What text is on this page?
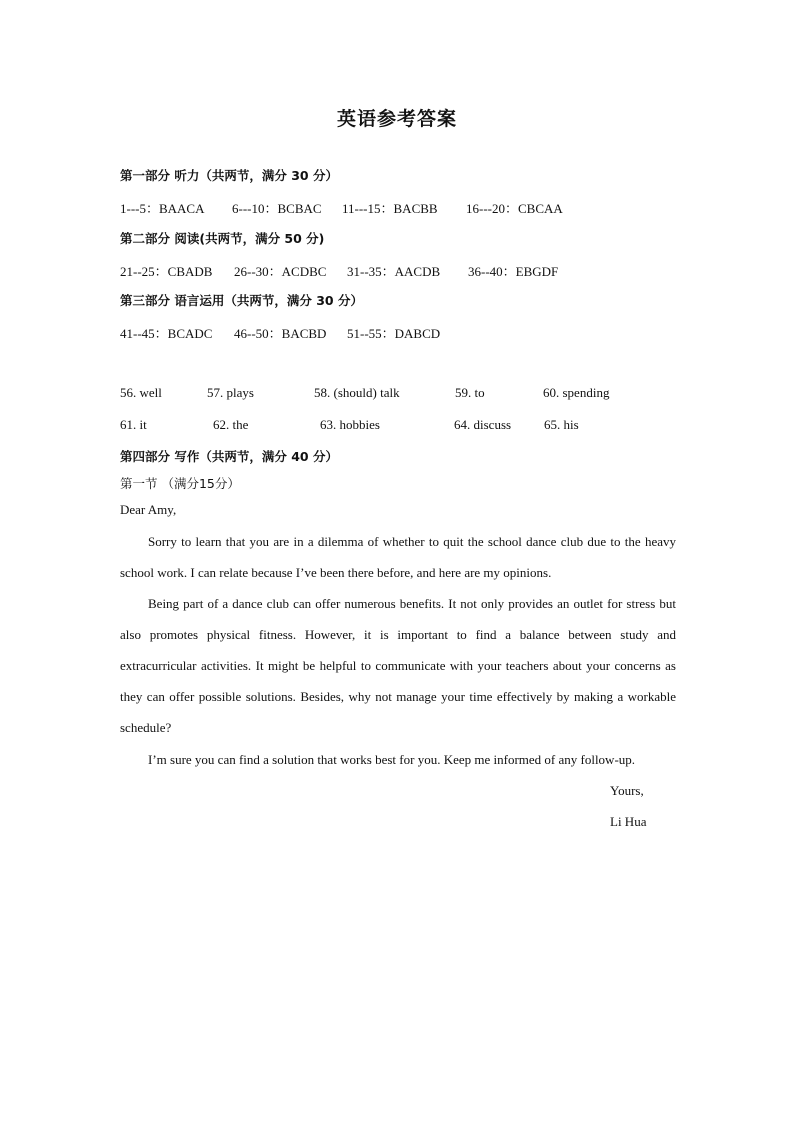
英语参考答案
第一部分 听力（共两节，满分 30 分）
1---5：BAACA 6---10：BCBAC 11---15：BACBB 16---20：CBCAA
第二部分 阅读(共两节，满分 50 分)
21--25：CBADB 26--30：ACDBC 31--35：AACDB 36--40：EBGDF
第三部分 语言运用（共两节，满分 30 分）
41--45：BCADC 46--50：BACBD 51--55：DABCD
56. well	57. plays	58. (should) talk	59. to	60. spending
61. it	62. the	63. hobbies	64. discuss	65. his
第四部分 写作（共两节，满分 40 分）
第一节 （满分15分）
Dear Amy,
Sorry to learn that you are in a dilemma of whether to quit the school dance club due to the heavy school work. I can relate because I’ve been there before, and here are my opinions.
Being part of a dance club can offer numerous benefits. It not only provides an outlet for stress but also promotes physical fitness. However, it is important to find a balance between study and extracurricular activities. It might be helpful to communicate with your teachers about your concerns as they can offer possible solutions. Besides, why not manage your time effectively by making a workable schedule?
I’m sure you can find a solution that works best for you. Keep me informed of any follow-up.
Yours,
Li Hua
